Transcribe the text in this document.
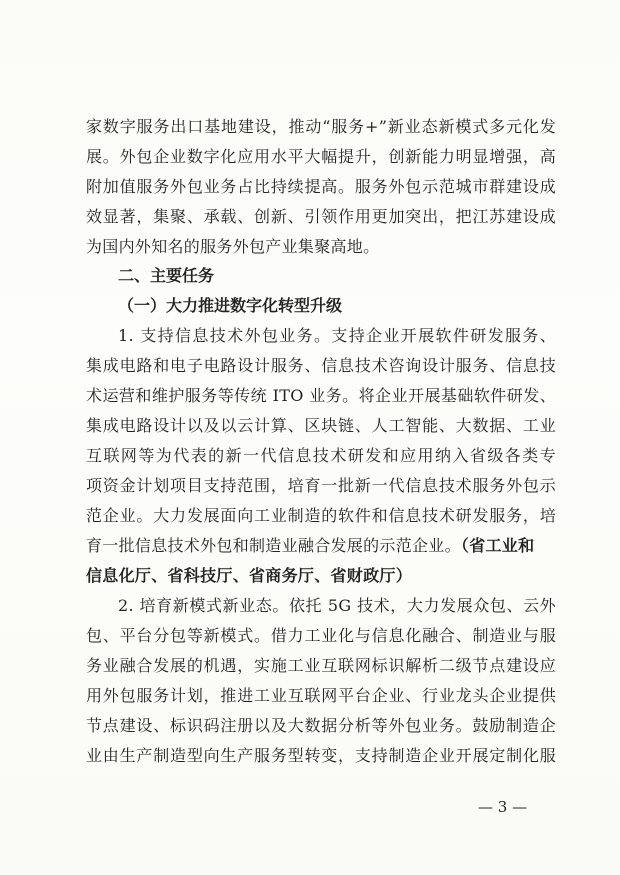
家数字服务出口基地建设，推动“服务+”新业态新模式多元化发
展。外包企业数字化应用水平大幅提升，创新能力明显增强，高
附加值服务外包业务占比持续提高。服务外包示范城市群建设成
效显著，集聚、承载、创新、引领作用更加突出，把江苏建设成
为国内外知名的服务外包产业集聚高地。
二、主要任务
（一）大力推进数字化转型升级
1. 支持信息技术外包业务。支持企业开展软件研发服务、
集成电路和电子电路设计服务、信息技术咨询设计服务、信息技
术运营和维护服务等传统 ITO 业务。将企业开展基础软件研发、
集成电路设计以及以云计算、区块链、人工智能、大数据、工业
互联网等为代表的新一代信息技术研发和应用纳入省级各类专
项资金计划项目支持范围，培育一批新一代信息技术服务外包示
范企业。大力发展面向工业制造的软件和信息技术研发服务，培
育一批信息技术外包和制造业融合发展的示范企业。（省工业和
信息化厅、省科技厅、省商务厅、省财政厅）
2. 培育新模式新业态。依托 5G 技术，大力发展众包、云外
包、平台分包等新模式。借力工业化与信息化融合、制造业与服
务业融合发展的机遇，实施工业互联网标识解析二级节点建设应
用外包服务计划，推进工业互联网平台企业、行业龙头企业提供
节点建设、标识码注册以及大数据分析等外包业务。鼓励制造企
业由生产制造型向生产服务型转变，支持制造企业开展定制化服
— 3 —
